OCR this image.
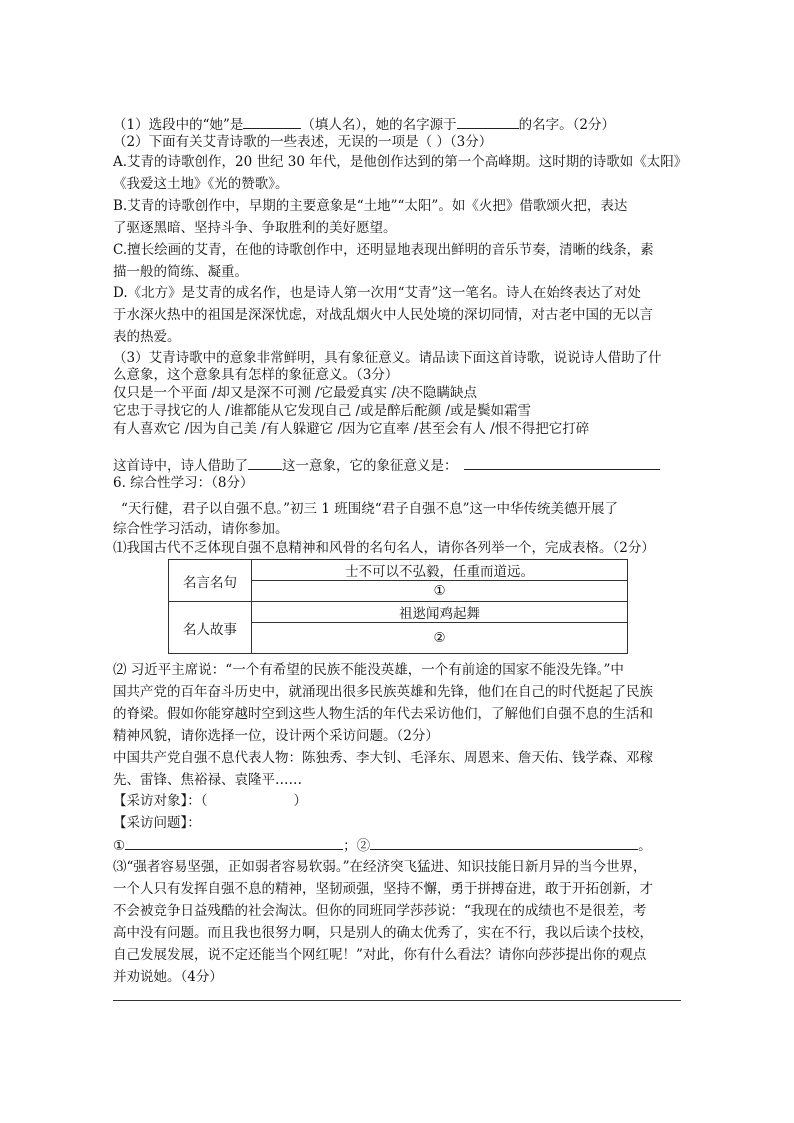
（1）选段中的“她”是	（填人名），她的名字源于	的名字。（2分）
（2）下面有关艾青诗歌的一些表述，无误的一项是（ ）（3分）
A.艾青的诗歌创作，20 世纪 30 年代，是他创作达到的第一个高峰期。这时期的诗歌如《太阳》
《我爱这土地》《光的赞歌》。
B.艾青的诗歌创作中，早期的主要意象是“土地”“太阳”。如《火把》借歌颂火把，表达
了驱逐黑暗、坚持斗争、争取胜利的美好愿望。
C.擅长绘画的艾青，在他的诗歌创作中，还明显地表现出鲜明的音乐节奏，清晰的线条，素
描一般的简练、凝重。
D.《北方》是艾青的成名作，也是诗人第一次用“艾青”这一笔名。诗人在始终表达了对处
于水深火热中的祖国是深深忧虑，对战乱烟火中人民处境的深切同情，对古老中国的无以言
表的热爱。
（3）艾青诗歌中的意象非常鲜明，具有象征意义。请品读下面这首诗歌，说说诗人借助了什
么意象，这个意象具有怎样的象征意义。（3分）
仅只是一个平面 /却又是深不可测 /它最爱真实 /决不隐瞒缺点
它忠于寻找它的人 /谁都能从它发现自己 /或是醉后酡颜 /或是鬓如霜雪
有人喜欢它 /因为自己美 /有人躲避它 /因为它直率 /甚至会有人 /恨不得把它打碎
这首诗中，诗人借助了	这一意象，它的象征意义是：
6. 综合性学习：（8分）
“天行健，君子以自强不息。”初三 1 班围绕“君子自强不息”这一中华传统美德开展了
综合性学习活动，请你参加。
⑴我国古代不乏体现自强不息精神和风骨的名句名人，请你各列举一个，完成表格。（2分）
名言名句	士不可以不弘毅，任重而道远。
	①
名人故事	祖逖闻鸡起舞
	②
⑵ 习近平主席说：“一个有希望的民族不能没英雄，一个有前途的国家不能没先锋。”中
国共产党的百年奋斗历史中，就涌现出很多民族英雄和先锋，他们在自己的时代挺起了民族
的脊梁。假如你能穿越时空到这些人物生活的年代去采访他们，了解他们自强不息的生活和
精神风貌，请你选择一位，设计两个采访问题。（2分）
中国共产党自强不息代表人物：陈独秀、李大钊、毛泽东、周恩来、詹天佑、钱学森、邓稼
先、雷锋、焦裕禄、袁隆平……
【采访对象】：（	）
【采访问题】：
①	；②	。
⑶“强者容易坚强，正如弱者容易软弱。”在经济突飞猛进、知识技能日新月异的当今世界，
一个人只有发挥自强不息的精神，坚韧顽强，坚持不懈，勇于拼搏奋进，敢于开拓创新，才
不会被竞争日益残酷的社会淘汰。但你的同班同学莎莎说：“我现在的成绩也不是很差，考
高中没有问题。而且我也很努力啊，只是别人的确太优秀了，实在不行，我以后读个技校，
自己发展发展，说不定还能当个网红呢！”对此，你有什么看法？请你向莎莎提出你的观点
并劝说她。（4分）
